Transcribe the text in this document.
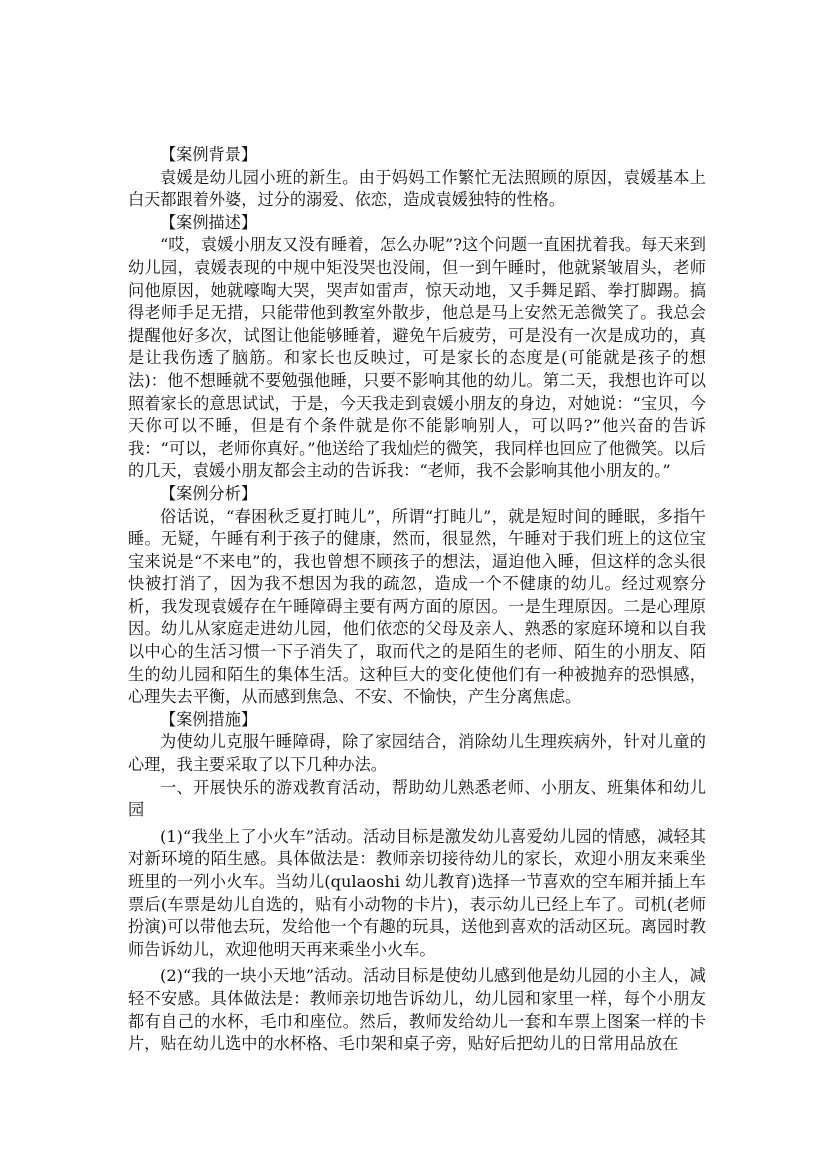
【案例背景】

袁媛是幼儿园小班的新生。由于妈妈工作繁忙无法照顾的原因，袁媛基本上白天都跟着外婆，过分的溺爱、依恋，造成袁媛独特的性格。

【案例描述】

“哎，袁媛小朋友又没有睡着，怎么办呢”?这个问题一直困扰着我。每天来到幼儿园，袁媛表现的中规中矩没哭也没闹，但一到午睡时，他就紧皱眉头，老师问他原因，她就嚎啕大哭，哭声如雷声，惊天动地，又手舞足蹈、拳打脚踢。搞得老师手足无措，只能带他到教室外散步，他总是马上安然无恙微笑了。我总会提醒他好多次，试图让他能够睡着，避免午后疲劳，可是没有一次是成功的，真是让我伤透了脑筋。和家长也反映过，可是家长的态度是(可能就是孩子的想法)：他不想睡就不要勉强他睡，只要不影响其他的幼儿。第二天，我想也许可以照着家长的意思试试，于是，今天我走到袁媛小朋友的身边，对她说：“宝贝，今天你可以不睡，但是有个条件就是你不能影响别人，可以吗?”他兴奋的告诉我：“可以，老师你真好。”他送给了我灿烂的微笑，我同样也回应了他微笑。以后的几天，袁媛小朋友都会主动的告诉我：“老师，我不会影响其他小朋友的。”

【案例分析】

俗话说，“春困秋乏夏打盹儿”，所谓“打盹儿”，就是短时间的睡眠，多指午睡。无疑，午睡有利于孩子的健康，然而，很显然，午睡对于我们班上的这位宝宝来说是“不来电”的，我也曾想不顾孩子的想法，逼迫他入睡，但这样的念头很快被打消了，因为我不想因为我的疏忽，造成一个不健康的幼儿。经过观察分析，我发现袁媛存在午睡障碍主要有两方面的原因。一是生理原因。二是心理原因。幼儿从家庭走进幼儿园，他们依恋的父母及亲人、熟悉的家庭环境和以自我以中心的生活习惯一下子消失了，取而代之的是陌生的老师、陌生的小朋友、陌生的幼儿园和陌生的集体生活。这种巨大的变化使他们有一种被抛弃的恐惧感，心理失去平衡，从而感到焦急、不安、不愉快，产生分离焦虑。

【案例措施】

为使幼儿克服午睡障碍，除了家园结合，消除幼儿生理疾病外，针对儿童的心理，我主要采取了以下几种办法。

一、开展快乐的游戏教育活动，帮助幼儿熟悉老师、小朋友、班集体和幼儿园

(1)“我坐上了小火车”活动。活动目标是激发幼儿喜爱幼儿园的情感，减轻其对新环境的陌生感。具体做法是：教师亲切接待幼儿的家长，欢迎小朋友来乘坐班里的一列小火车。当幼儿(qulaoshi 幼儿教育)选择一节喜欢的空车厢并插上车票后(车票是幼儿自选的，贴有小动物的卡片)，表示幼儿已经上车了。司机(老师扮演)可以带他去玩，发给他一个有趣的玩具，送他到喜欢的活动区玩。离园时教师告诉幼儿，欢迎他明天再来乘坐小火车。

(2)“我的一块小天地”活动。活动目标是使幼儿感到他是幼儿园的小主人，减轻不安感。具体做法是：教师亲切地告诉幼儿，幼儿园和家里一样，每个小朋友都有自己的水杯，毛巾和座位。然后，教师发给幼儿一套和车票上图案一样的卡片，贴在幼儿选中的水杯格、毛巾架和桌子旁，贴好后把幼儿的日常用品放在
